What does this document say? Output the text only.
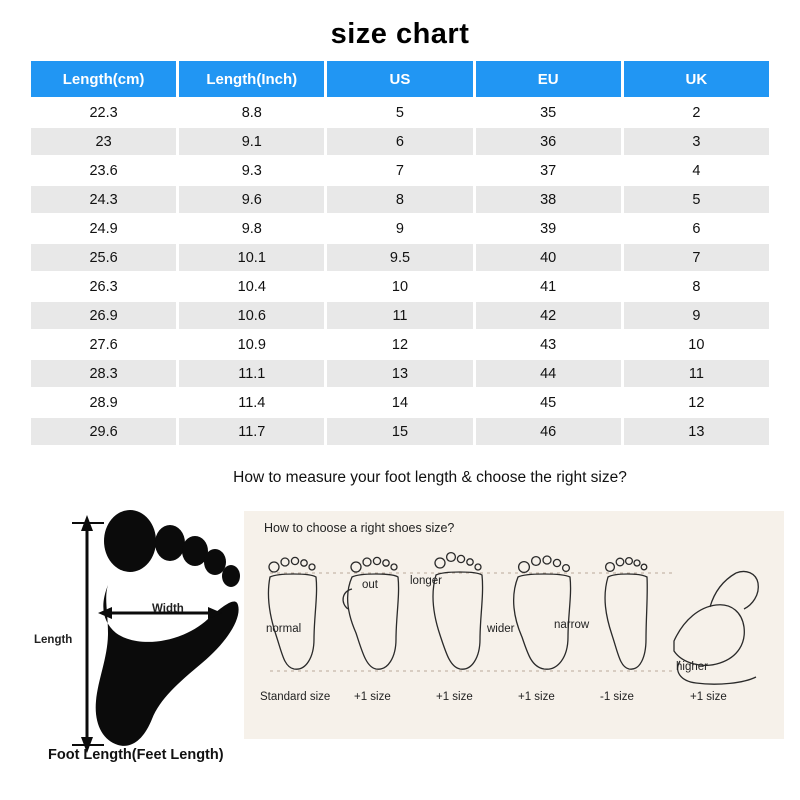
size chart
Length(cm)	Length(Inch)	US	EU	UK
22.3	8.8	5	35	2
23	9.1	6	36	3
23.6	9.3	7	37	4
24.3	9.6	8	38	5
24.9	9.8	9	39	6
25.6	10.1	9.5	40	7
26.3	10.4	10	41	8
26.9	10.6	11	42	9
27.6	10.9	12	43	10
28.3	11.1	13	44	11
28.9	11.4	14	45	12
29.6	11.7	15	46	13
How to measure your foot length & choose the right size?
Width
Length
Foot Length(Feet Length)
How to choose a right shoes size?
normal
out	longer
wider	narrow
higher
Standard size +1 size	+1 size	+1 size	-1 size	+1 size
